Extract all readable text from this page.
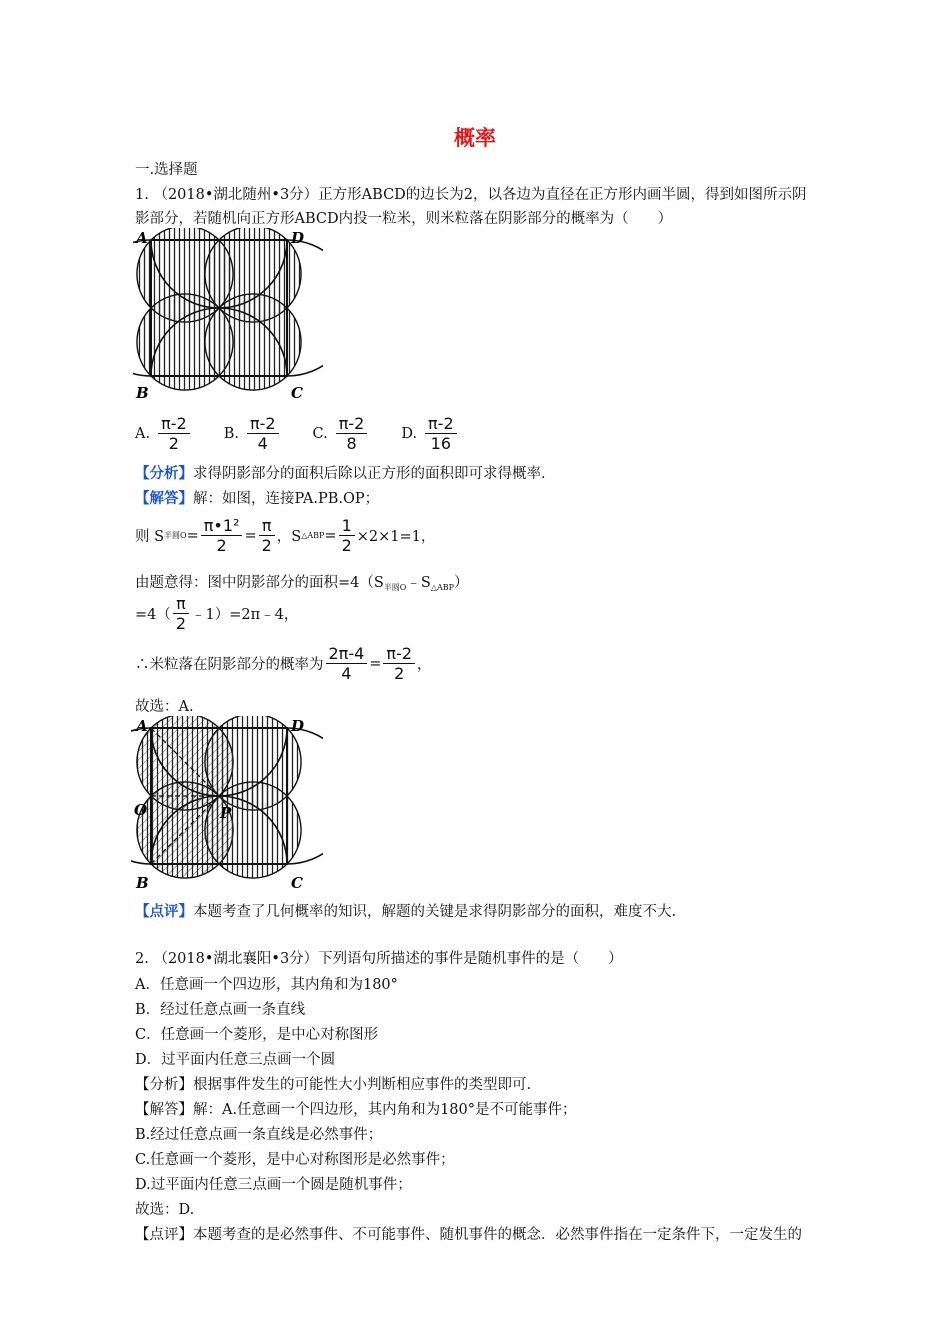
概率
一.选择题
1. （2018•湖北随州•3分）正方形ABCD的边长为2，以各边为直径在正方形内画半圆，得到如图所示阴
影部分，若随机向正方形ABCD内投一粒米，则米粒落在阴影部分的概率为（　　）
A	D
B	C
A. $\frac{\pi-2}{2} B$. $\frac{\pi-2}{4} C$. $\frac{\pi-2}{8} D$. $\frac{\pi-2}{16}$
【分析】求得阴影部分的面积后除以正方形的面积即可求得概率.
【解答】解：如图，连接PA.PB.OP；
则 S 半圆$O = \frac{\text{π•1²}}{2} = \frac{\pi}{2}$ ，S △ABP = $\frac{1}{2} \times 2\times 1=1$，
由题意得：图中阴影部分的面积$=4(S_{半圆O}﹣S_{\triangle ABP})$
$=4( \frac{\pi}{2}$ ﹣1）=2π﹣4，
∴米粒落在阴影部分的概率为 $\frac{2\pi-4}{4} = \frac{\pi-2}{2}$ ，
故选：A.
A	D
O	P
B	C
【点评】本题考查了几何概率的知识，解题的关键是求得阴影部分的面积，难度不大.
2. （2018•湖北襄阳•3分）下列语句所描述的事件是随机事件的是（　　）
A．任意画一个四边形，其内角和为180°
B．经过任意点画一条直线
C．任意画一个菱形，是中心对称图形
D．过平面内任意三点画一个圆
【分析】根据事件发生的可能性大小判断相应事件的类型即可.
【解答】解：A.任意画一个四边形，其内角和为180°是不可能事件；
B.经过任意点画一条直线是必然事件；
C.任意画一个菱形，是中心对称图形是必然事件；
D.过平面内任意三点画一个圆是随机事件；
故选：D.
【点评】本题考查的是必然事件、不可能事件、随机事件的概念．必然事件指在一定条件下，一定发生的
